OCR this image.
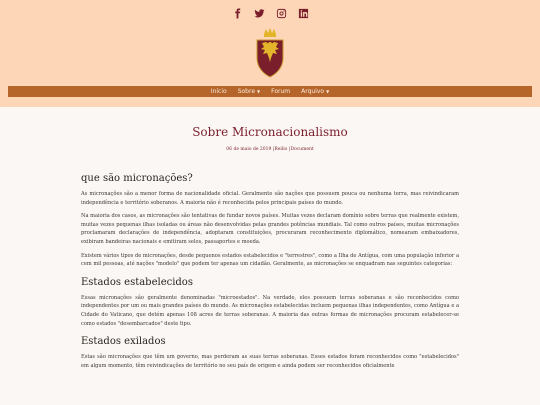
Início Sobre ▼ Forum Arquivo ▼
Sobre Micronacionalismo
06 de maio de 2019 |Reilio |Document
que são micronações?

As micronações são a menor forma de nacionalidade oficial. Geralmente são nações que possuem pouca ou nenhuma terra, mas reivindicaram independência e território soberanos. A maioria não é reconhecida pelos principais países do mundo.

Na maioria dos casos, as micronações são tentativas de fundar novos países. Muitas vezes declaram domínio sobre terras que realmente existem, muitas vezes pequenas ilhas isoladas ou áreas não desenvolvidas pelas grandes potências mundiais. Tal como outros países, muitas micronações proclamaram declarações de independência, adoptaram constituições, procuraram reconhecimento diplomático, nomearam embaixadores, exibiram bandeiras nacionais e emitiram selos, passaportes e moeda.

Existem vários tipos de micronações, desde pequenos estados estabelecidos e "terrestres", como a Ilha de Antígua, com uma população inferior a cem mil pessoas, até nações "modelo" que podem ter apenas um cidadão. Geralmente, as micronações se enquadram nas seguintes categorias:

Estados estabelecidos

Essas micronações são geralmente denominadas "microestados". Na verdade, eles possuem terras soberanas e são reconhecidos como independentes por um ou mais grandes países do mundo. As micronações estabelecidas incluem pequenas ilhas independentes, como Antígua e a Cidade do Vaticano, que detém apenas 108 acres de terras soberanas. A maioria das outras formas de micronações procuram estabelecer-se como estados "desembarcados" deste tipo.

Estados exilados

Estas são micronações que têm um governo, mas perderam as suas terras soberanas. Esses estados foram reconhecidos como "estabelecidos" em algum momento, têm reivindicações de território no seu país de origem e ainda podem ser reconhecidos oficialmente
